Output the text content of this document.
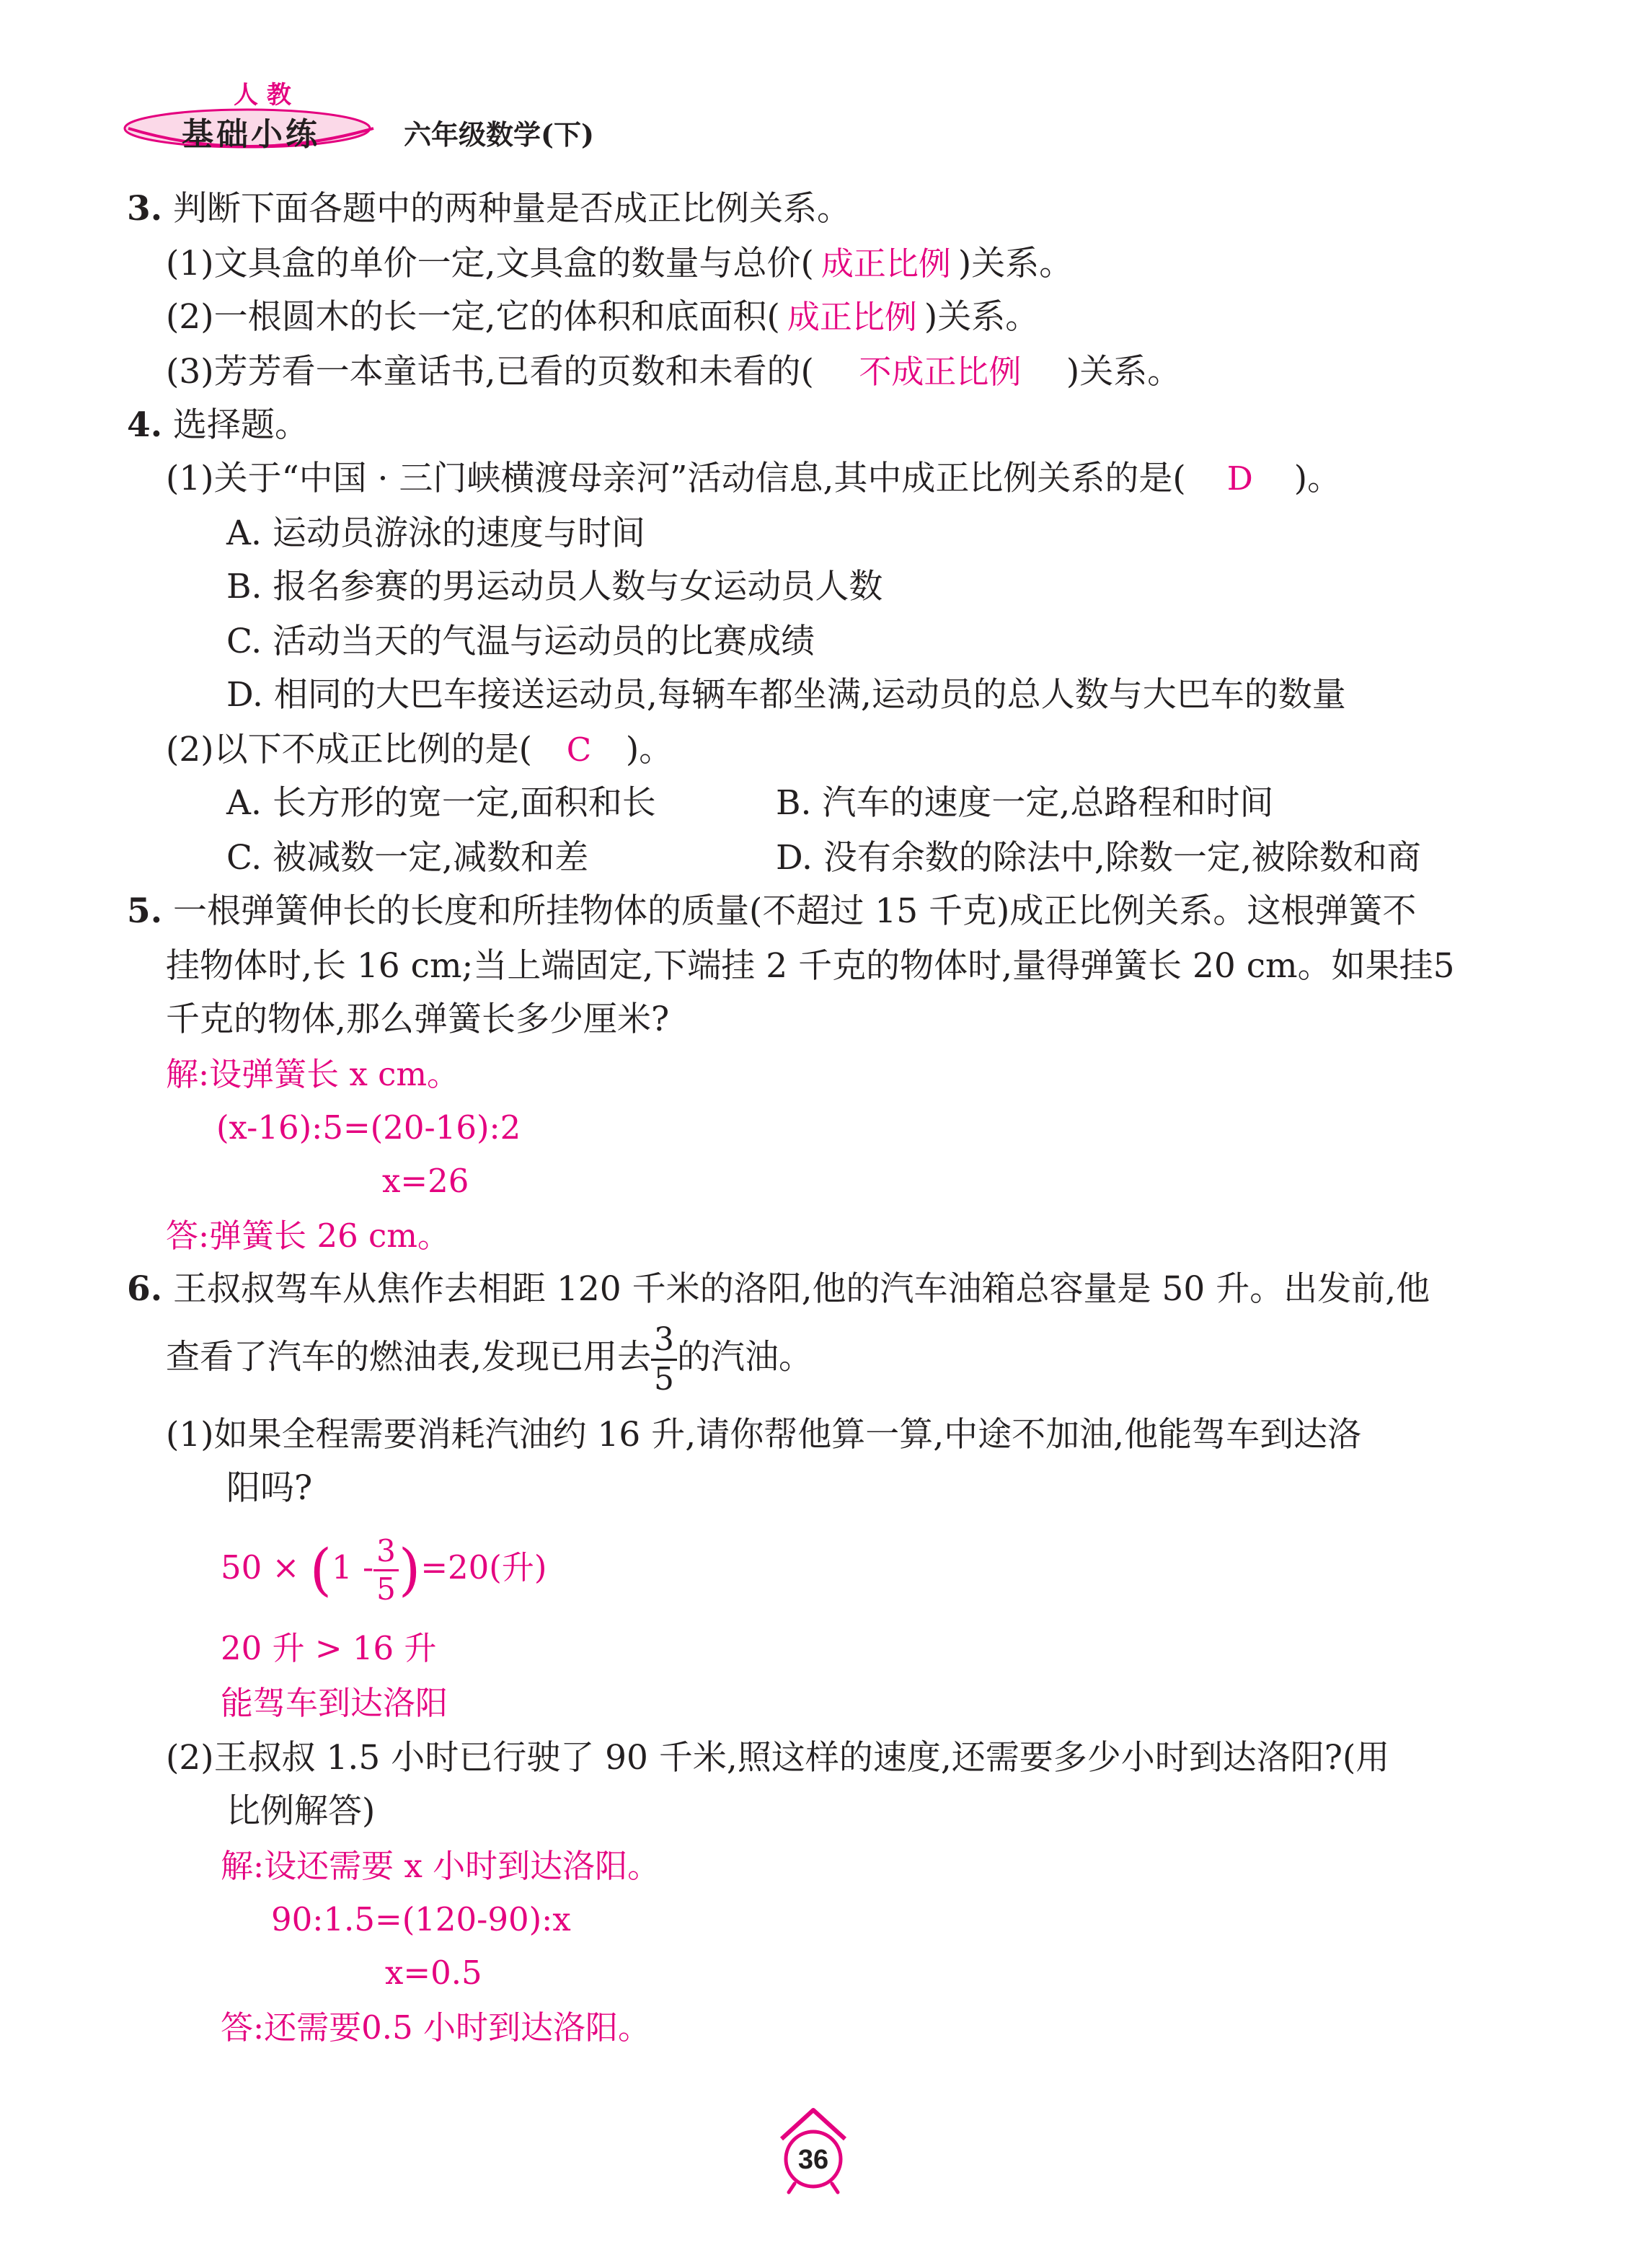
人 教
基础小练	六年级数学(下)
3. 判断下面各题中的两种量是否成正比例关系。
(1)文具盒的单价一定,文具盒的数量与总价( 成正比例 )关系。
(2)一根圆木的长一定,它的体积和底面积( 成正比例 )关系。
(3)芳芳看一本童话书,已看的页数和未看的( 不成正比例 )关系。
4. 选择题。
(1)关于“中国 · 三门峡横渡母亲河”活动信息,其中成正比例关系的是( D )。
A. 运动员游泳的速度与时间
B. 报名参赛的男运动员人数与女运动员人数
C. 活动当天的气温与运动员的比赛成绩
D. 相同的大巴车接送运动员,每辆车都坐满,运动员的总人数与大巴车的数量
(2)以下不成正比例的是( C )。
A. 长方形的宽一定,面积和长	B. 汽车的速度一定,总路程和时间
C. 被减数一定,减数和差	D. 没有余数的除法中,除数一定,被除数和商
5. 一根弹簧伸长的长度和所挂物体的质量(不超过 15 千克)成正比例关系。这根弹簧不
挂物体时,长 16 cm;当上端固定,下端挂 2 千克的物体时,量得弹簧长 20 cm。如果挂5
千克的物体,那么弹簧长多少厘米?
解:设弹簧长 x cm。
(x-16):5=(20-16):2
x=26
答:弹簧长 26 cm。
6. 王叔叔驾车从焦作去相距 120 千米的洛阳,他的汽车油箱总容量是 50 升。出发前,他
查看了汽车的燃油表,发现已用去 $\frac{3}{5}$ 的汽油。
(1)如果全程需要消耗汽油约 16 升,请你帮他算一算,中途不加油,他能驾车到达洛
阳吗?
$50 \times (1 - \frac{3}{5} )=20$(升)
20 升 > 16 升
能驾车到达洛阳
(2)王叔叔 1.5 小时已行驶了 90 千米,照这样的速度,还需要多少小时到达洛阳?(用
比例解答)
解:设还需要 x 小时到达洛阳。
90:1.5=(120-90):x
x=0.5
答:还需要0.5 小时到达洛阳。
36
